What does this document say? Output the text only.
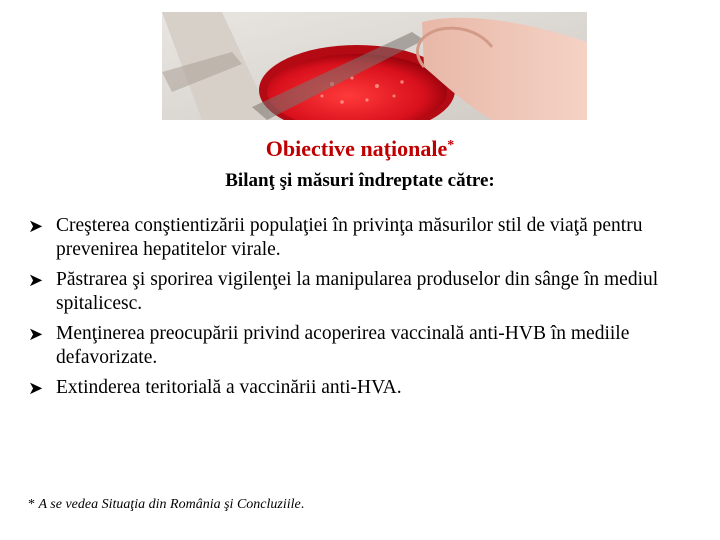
Obiective naţionale*
Bilanţ şi măsuri îndreptate către:
➤ Creşterea conştientizării populaţiei în privinţa măsurilor stil de viaţă pentru prevenirea hepatitelor virale.
➤ Păstrarea şi sporirea vigilenţei la manipularea produselor din sânge în mediul spitalicesc.
➤ Menţinerea preocupării privind acoperirea vaccinală anti-HVB în mediile defavorizate.
➤ Extinderea teritorială a vaccinării anti-HVA.
* A se vedea Situaţia din România şi Concluziile.
